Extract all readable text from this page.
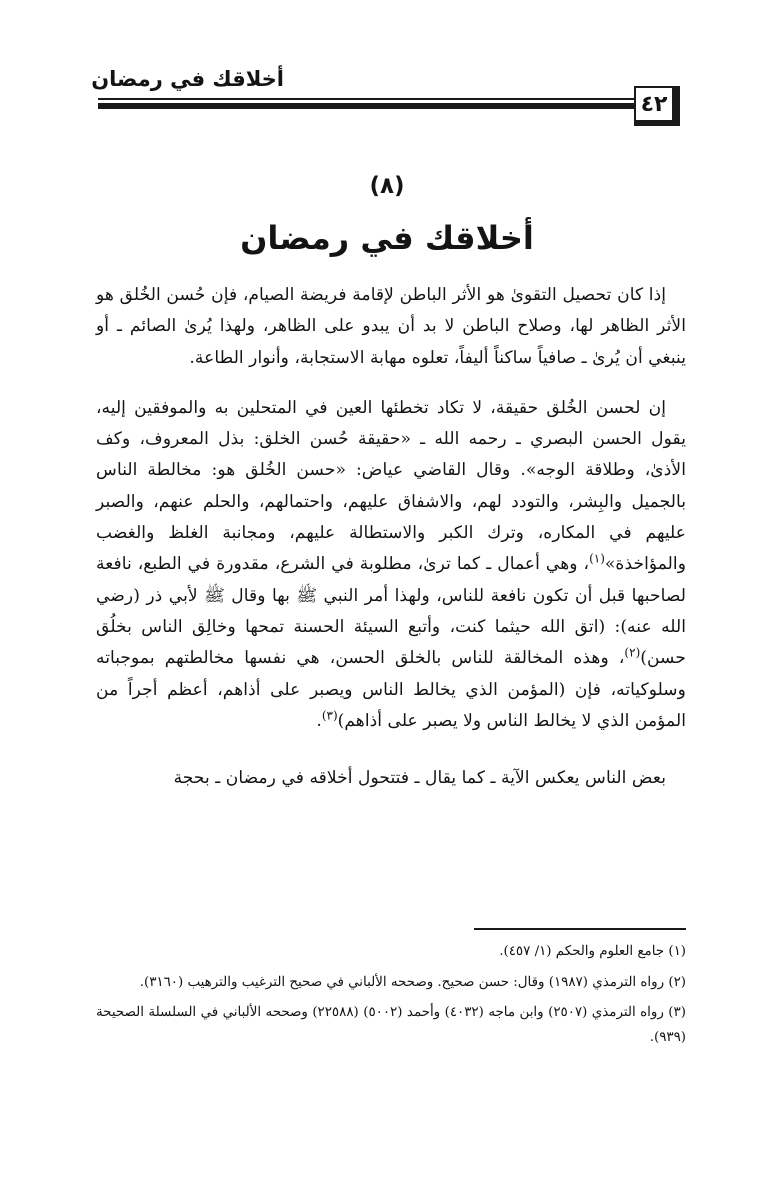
أخلاقك في رمضان
٤٢
(٨)
أخلاقك في رمضان

إذا كان تحصيل التقوىٰ هو الأثر الباطن لإقامة فريضة الصيام، فإن حُسن الخُلق هو الأثر الظاهر لها، وصلاح الباطن لا بد أن يبدو على الظاهر، ولهذا يُرىٰ الصائم ـ أو ينبغي أن يُرىٰ ـ صافياً ساكناً أليفاً، تعلوه مهابة الاستجابة، وأنوار الطاعة.

إن لحسن الخُلق حقيقة، لا تكاد تخطئها العين في المتحلين به والموفقين إليه، يقول الحسن البصري ـ رحمه الله ـ «حقيقة حُسن الخلق: بذل المعروف، وكف الأذىٰ، وطلاقة الوجه». وقال القاضي عياض: «حسن الخُلق هو: مخالطة الناس بالجميل والبِشر، والتودد لهم، والاشفاق عليهم، واحتمالهم، والحلم عنهم، والصبر عليهم في المكاره، وترك الكبر والاستطالة عليهم، ومجانبة الغلظ والغضب والمؤاخذة»$^{(١)}$، وهي أعمال ـ كما ترىٰ، مطلوبة في الشرع، مقدورة في الطبع، نافعة لصاحبها قبل أن تكون نافعة للناس، ولهذا أمر النبي ﷺ بها وقال ﷺ لأبي ذر (رضي الله عنه): (اتق الله حيثما كنت، وأتبع السيئة الحسنة تمحها وخالِق الناس بخلُق حسن)$^{(٢)}$، وهذه المخالقة للناس بالخلق الحسن، هي نفسها مخالطتهم بموجباته وسلوكياته، فإن (المؤمن الذي يخالط الناس ويصبر على أذاهم، أعظم أجراً من المؤمن الذي لا يخالط الناس ولا يصبر على أذاهم)$^{(٣)}$.

بعض الناس يعكس الآية ـ كما يقال ـ فتتحول أخلاقه في رمضان ـ بحجة

(١) جامع العلوم والحكم (١/ ٤٥٧).

(٢) رواه الترمذي (١٩٨٧) وقال: حسن صحيح. وصححه الألباني في صحيح الترغيب والترهيب (٣١٦٠).

(٣) رواه الترمذي (٢٥٠٧) وابن ماجه (٤٠٣٢) وأحمد (٥٠٠٢) (٢٢٥٨٨) وصححه الألباني في السلسلة الصحيحة (٩٣٩).
